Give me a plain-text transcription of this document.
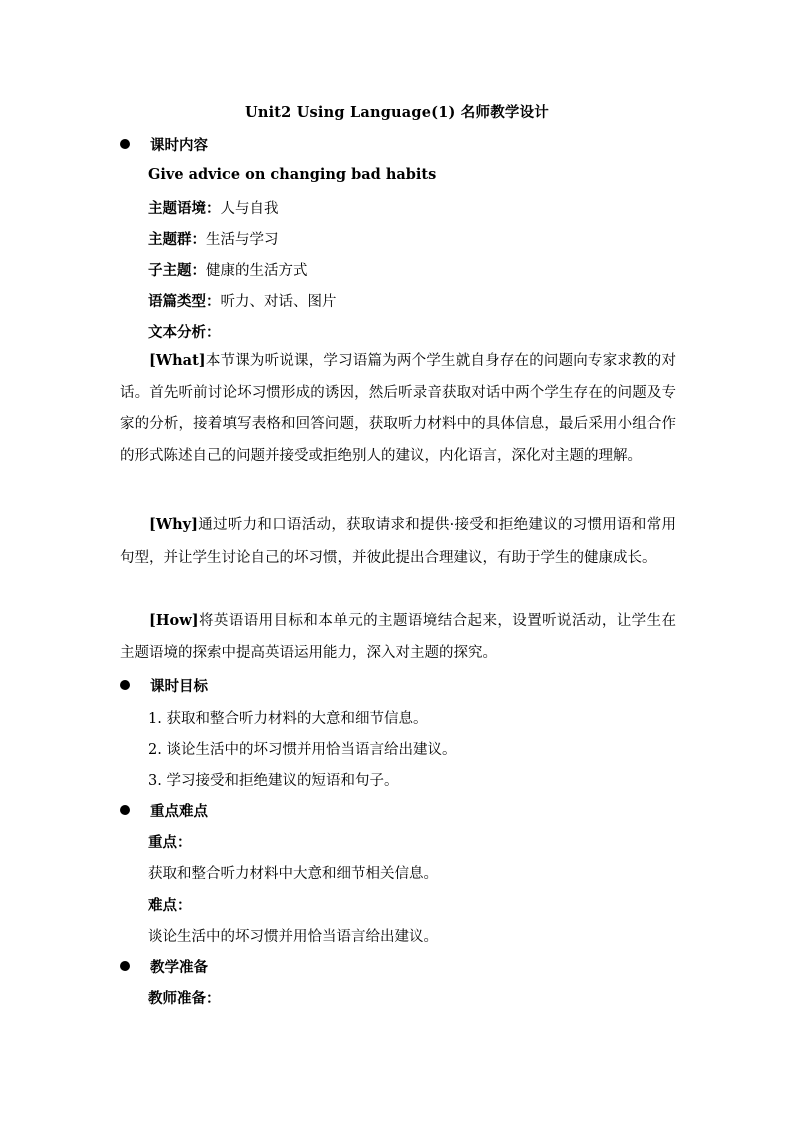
Unit2 Using Language(1) 名师教学设计
课时内容
Give advice on changing bad habits
主题语境：人与自我
主题群：生活与学习
子主题：健康的生活方式
语篇类型：听力、对话、图片
文本分析：

[What]本节课为听说课，学习语篇为两个学生就自身存在的问题向专家求教的对话。首先听前讨论坏习惯形成的诱因，然后听录音获取对话中两个学生存在的问题及专家的分析，接着填写表格和回答问题，获取听力材料中的具体信息，最后采用小组合作的形式陈述自己的问题并接受或拒绝别人的建议，内化语言，深化对主题的理解。

[Why]通过听力和口语活动，获取请求和提供·接受和拒绝建议的习惯用语和常用句型，并让学生讨论自己的坏习惯，并彼此提出合理建议，有助于学生的健康成长。

[How]将英语语用目标和本单元的主题语境结合起来，设置听说活动，让学生在主题语境的探索中提高英语运用能力，深入对主题的探究。

课时目标
1. 获取和整合听力材料的大意和细节信息。
2. 谈论生活中的坏习惯并用恰当语言给出建议。
3. 学习接受和拒绝建议的短语和句子。
重点难点
重点：
获取和整合听力材料中大意和细节相关信息。
难点：
谈论生活中的坏习惯并用恰当语言给出建议。
教学准备
教师准备：
